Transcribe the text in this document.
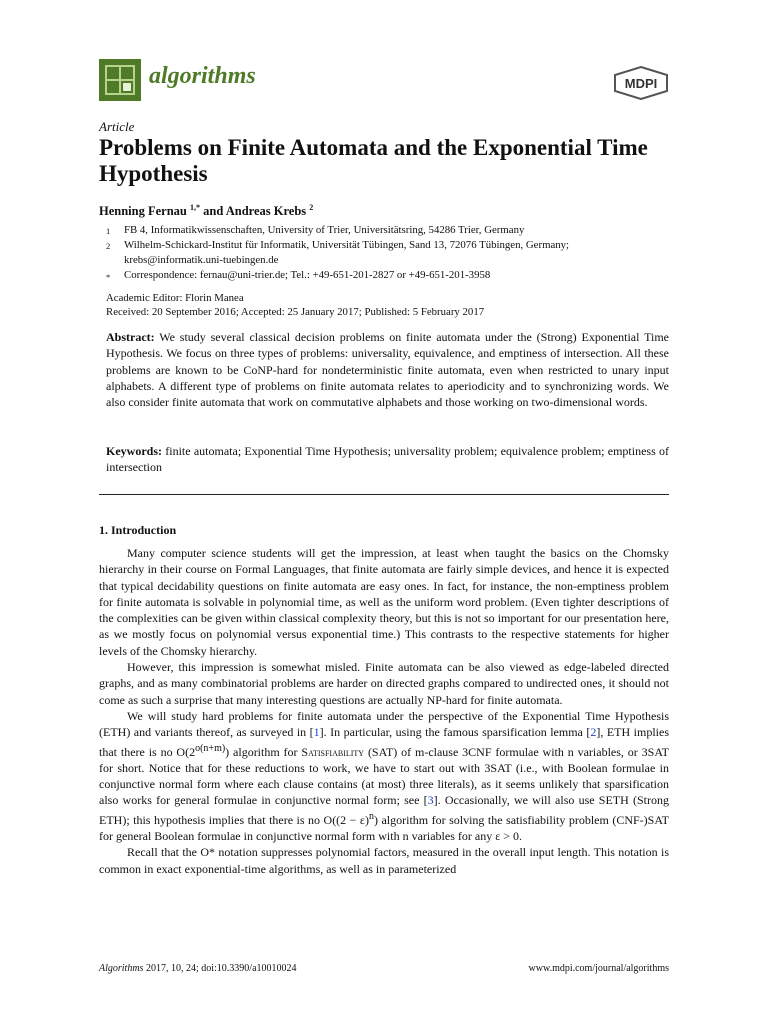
algorithms	MDPI
Article
Problems on Finite Automata and the Exponential Time Hypothesis
Henning Fernau $^{1,*}$ and Andreas Krebs $^2$
1 FB 4, Informatikwissenschaften, University of Trier, Universitätsring, 54286 Trier, Germany
2 Wilhelm-Schickard-Institut für Informatik, Universität Tübingen, Sand 13, 72076 Tübingen, Germany;
krebs@informatik.uni-tuebingen.de
* Correspondence: fernau@uni-trier.de; Tel.: +49-651-201-2827 or +49-651-201-3958
Academic Editor: Florin Manea
Received: 20 September 2016; Accepted: 25 January 2017; Published: 5 February 2017
Abstract: We study several classical decision problems on finite automata under the (Strong) Exponential Time Hypothesis. We focus on three types of problems: universality, equivalence, and emptiness of intersection. All these problems are known to be CoNP-hard for nondeterministic finite automata, even when restricted to unary input alphabets. A different type of problems on finite automata relates to aperiodicity and to synchronizing words. We also consider finite automata that work on commutative alphabets and those working on two-dimensional words.
Keywords: finite automata; Exponential Time Hypothesis; universality problem; equivalence problem; emptiness of intersection
1. Introduction

Many computer science students will get the impression, at least when taught the basics on the Chomsky hierarchy in their course on Formal Languages, that finite automata are fairly simple devices, and hence it is expected that typical decidability questions on finite automata are easy ones. In fact, for instance, the non-emptiness problem for finite automata is solvable in polynomial time, as well as the uniform word problem. (Even tighter descriptions of the complexities can be given within classical complexity theory, but this is not so important for our presentation here, as we mostly focus on polynomial versus exponential time.) This contrasts to the respective statements for higher levels of the Chomsky hierarchy.

However, this impression is somewhat misled. Finite automata can be also viewed as edge-labeled directed graphs, and as many combinatorial problems are harder on directed graphs compared to undirected ones, it should not come as such a surprise that many interesting questions are actually NP-hard for finite automata.

We will study hard problems for finite automata under the perspective of the Exponential Time Hypothesis (ETH) and variants thereof, as surveyed in [1]. In particular, using the famous sparsification lemma [2], ETH implies that there is no $O(2^{o(n+m)})$ algorithm for Satisfiability (SAT) of m-clause 3CNF formulae with n variables, or 3SAT for short. Notice that for these reductions to work, we have to start out with 3SAT (i.e., with Boolean formulae in conjunctive normal form where each clause contains (at most) three literals), as it seems unlikely that sparsification also works for general formulae in conjunctive normal form; see [3]. Occasionally, we will also use SETH (Strong ETH); this hypothesis implies that there is no $O((2 - \varepsilon)^n)$ algorithm for solving the satisfiability problem (CNF-)SAT for general Boolean formulae in conjunctive normal form with n variables for any ε > 0.

Recall that the O* notation suppresses polynomial factors, measured in the overall input length. This notation is common in exact exponential-time algorithms, as well as in parameterized

Algorithms 2017, 10, 24; doi:10.3390/a10010024	www.mdpi.com/journal/algorithms
